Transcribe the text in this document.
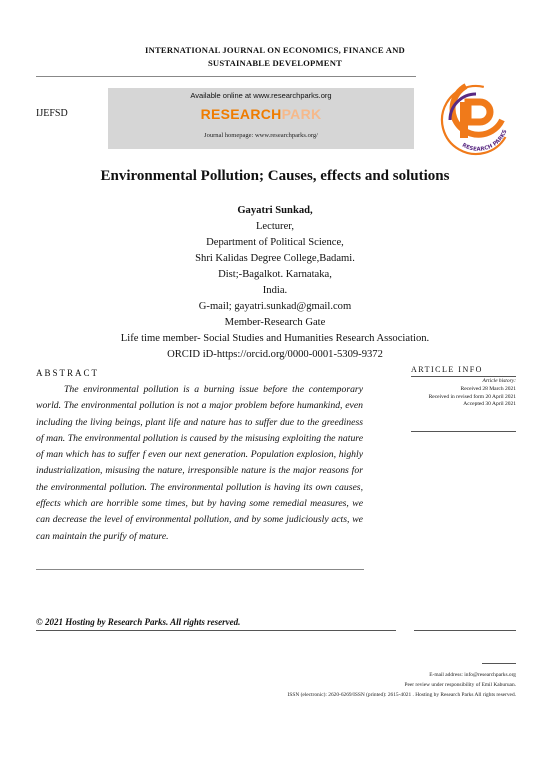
INTERNATIONAL JOURNAL ON ECONOMICS, FINANCE AND
SUSTAINABLE DEVELOPMENT
IJEFSD
Available online at www.researchparks.org
RESEARCHPARK
Journal homepage: www.researchparks.org/
RESEARCH PARKS
Environmental Pollution; Causes, effects and solutions
Gayatri Sunkad,
Lecturer,
Department of Political Science,
Shri Kalidas Degree College,Badami.
Dist;-Bagalkot. Karnataka,
India.
G-mail; gayatri.sunkad@gmail.com
Member-Research Gate
Life time member- Social Studies and Humanities Research Association.
ORCID iD-https://orcid.org/0000-0001-5309-9372
ABSTRACT
The environmental pollution is a burning issue before the contemporary world. The environmental pollution is not a major problem before humankind, even including the living beings, plant life and nature has to suffer due to the greediness of man. The environmental pollution is caused by the misusing exploiting the nature of man which has to suffer f even our next generation. Population explosion, highly industrialization, misusing the nature, irresponsible nature is the major reasons for the environmental pollution. The environmental pollution is having its own causes, effects which are horrible some times, but by having some remedial measures, we can decrease the level of environmental pollution, and by some judiciously acts, we can maintain the purify of mature.
ARTICLE INFO
Article history:
Received 28 March 2021
Received in revised form 20 April 2021
Accepted 30 April 2021
© 2021 Hosting by Research Parks. All rights reserved.
E-mail address: info@researchparks.org
Peer review under responsibility of Emil Kaburuan.
ISSN (electronic): 2620-6269/ISSN (printed): 2615-4021 . Hosting by Research Parks All rights reserved.
